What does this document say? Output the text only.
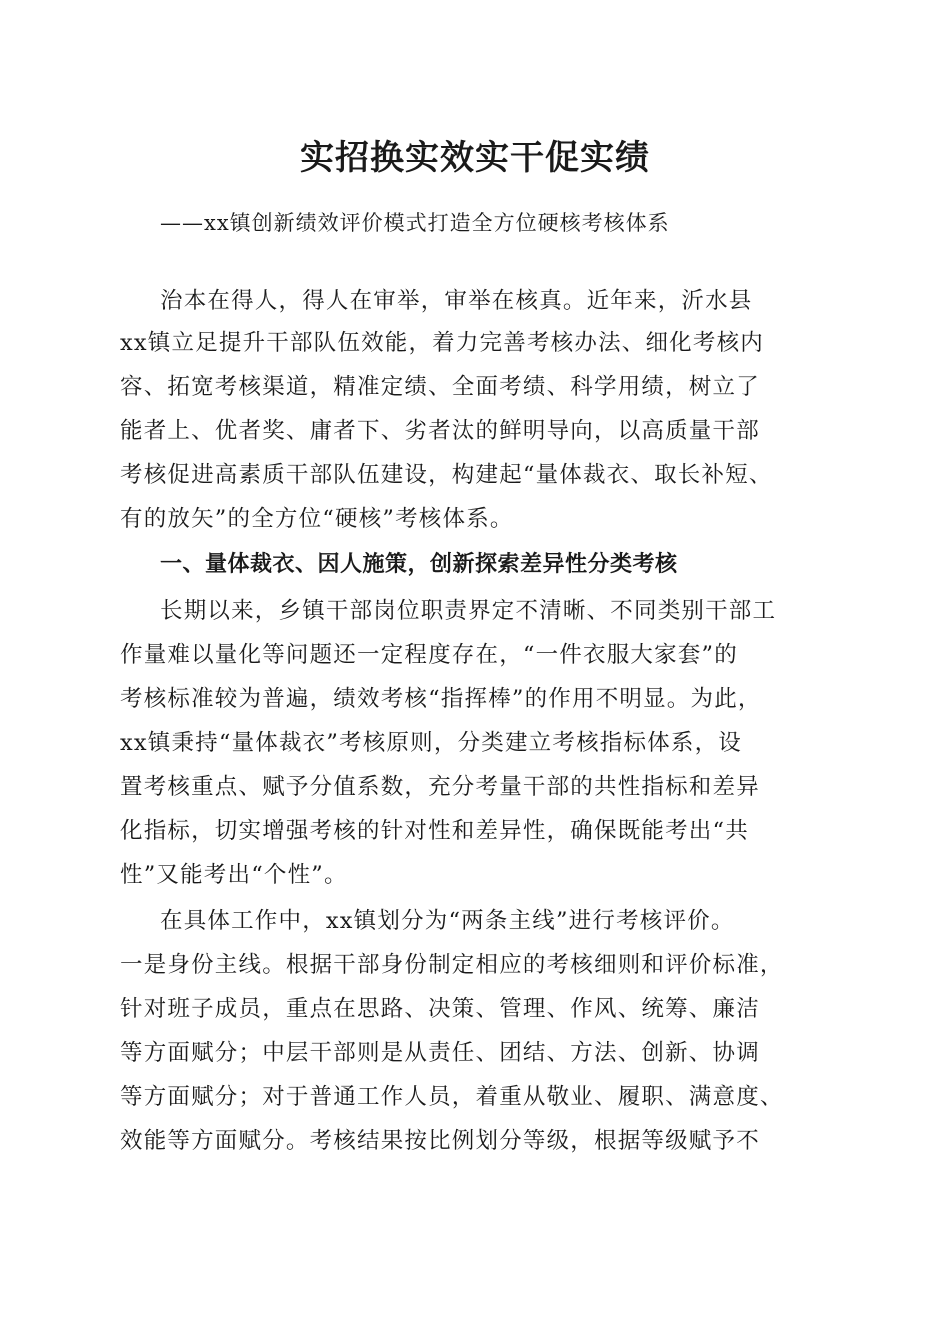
实招换实效实干促实绩
——xx镇创新绩效评价模式打造全方位硬核考核体系
治本在得人，得人在审举，审举在核真。近年来，沂水县
xx镇立足提升干部队伍效能，着力完善考核办法、细化考核内
容、拓宽考核渠道，精准定绩、全面考绩、科学用绩，树立了
能者上、优者奖、庸者下、劣者汰的鲜明导向，以高质量干部
考核促进高素质干部队伍建设，构建起“量体裁衣、取长补短、
有的放矢”的全方位“硬核”考核体系。
一、量体裁衣、因人施策，创新探索差异性分类考核
长期以来，乡镇干部岗位职责界定不清晰、不同类别干部工
作量难以量化等问题还一定程度存在，“一件衣服大家套”的
考核标准较为普遍，绩效考核“指挥棒”的作用不明显。为此，
xx镇秉持“量体裁衣”考核原则，分类建立考核指标体系，设
置考核重点、赋予分值系数，充分考量干部的共性指标和差异
化指标，切实增强考核的针对性和差异性，确保既能考出“共
性”又能考出“个性”。
在具体工作中，xx镇划分为“两条主线”进行考核评价。
一是身份主线。根据干部身份制定相应的考核细则和评价标准，
针对班子成员，重点在思路、决策、管理、作风、统筹、廉洁
等方面赋分；中层干部则是从责任、团结、方法、创新、协调
等方面赋分；对于普通工作人员，着重从敬业、履职、满意度、
效能等方面赋分。考核结果按比例划分等级，根据等级赋予不
